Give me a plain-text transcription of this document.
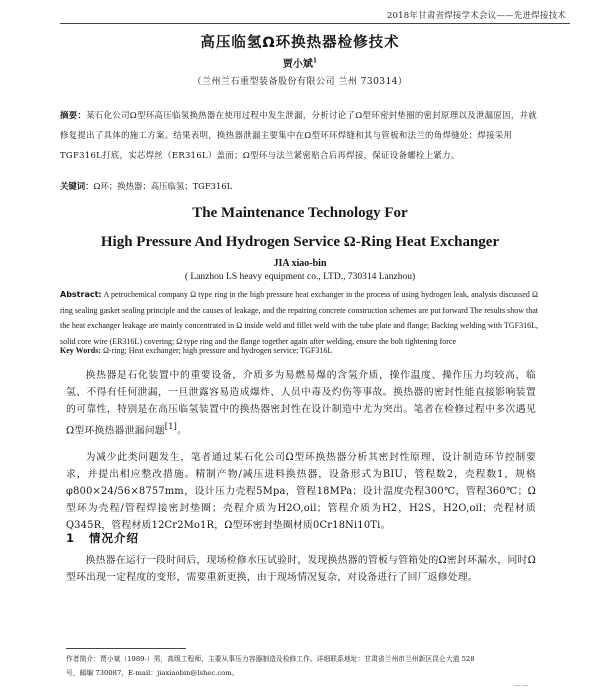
2018年甘肃省焊接学术会议——先进焊接技术
高压临氢Ω环换热器检修技术
贾小斌$^1$
（兰州兰石重型装备股份有限公司 兰州 730314）
摘要：某石化公司Ω型环高压临氢换热器在使用过程中发生泄漏，分析讨论了Ω型环密封垫圈的密封原理以及泄漏原因，并就修复提出了具体的施工方案。结果表明，换热器泄漏主要集中在Ω型环环焊缝和其与管板和法兰的角焊缝处；焊接采用TGF316L打底，实芯焊丝（ER316L）盖面；Ω型环与法兰紧密贴合后再焊接，保证设备螺栓上紧力。
关键词：Ω环；换热器；高压临氢；TGF316L
The Maintenance Technology For
High Pressure And Hydrogen Service Ω-Ring Heat Exchanger
JIA xiao-bin
( Lanzhou LS heavy equipment co., LTD., 730314 Lanzhou)
Abstract: A petrochemical company Ω type ring in the high pressure heat exchanger in the process of using hydrogen leak, analysis discussed Ω ring sealing gasket sealing principle and the causes of leakage, and the repairing concrete construction schemes are put forward The results show that the heat exchanger leakage are mainly concentrated in Ω inside weld and fillet weld with the tube plate and flange; Backing welding with TGF316L, solid core wire (ER316L) covering; Ω type ring and the flange together again after welding, ensure the bolt tightening force
Key Words: Ω-ring; Heat exchanger; high pressure and hydrogen service; TGF316L
换热器是石化装置中的重要设备，介质多为易燃易爆的含氢介质，操作温度、操作压力均较高，临氢、不得有任何泄漏，一旦泄露容易造成爆炸、人员中毒及灼伤等事故。换热器的密封性能直接影响装置的可靠性，特别是在高压临氢装置中的换热器密封性在设计制造中尤为突出。笔者在检修过程中多次遇见Ω型环换热器泄漏问题[1]。
为减少此类问题发生，笔者通过某石化公司Ω型环换热器分析其密封性原理、设计制造环节控制要求，并提出相应整改措施。精制产物/减压进料换热器，设备形式为BIU，管程数2，壳程数1，规格φ800×24/56×8757mm，设计压力壳程5Mpa，管程18MPa；设计温度壳程300℃，管程360℃；Ω型环为壳程/管程焊接密封垫圈；壳程介质为H2O,oil；管程介质为H2，H2S，H2O,oil；壳程材质Q345R，管程材质12Cr2Mo1R，Ω型环密封垫圈材质0Cr18Ni10Ti。
1 情况介绍
换热器在运行一段时间后，现场检修水压试验时，发现换热器的管板与管箱处的Ω密封环漏水，同时Ω型环出现一定程度的变形，需要重新更换，由于现场情况复杂，对设备进行了回厂返修处理。
作者简介：贾小斌（1989-）男，高级工程师，主要从事压力容器制造及检修工作。详细联系地址：甘肃省兰州市兰州新区昆仑大道 528
号，邮编 730087，E-mail：jiaxiaobin@lshec.com。
--- ---
